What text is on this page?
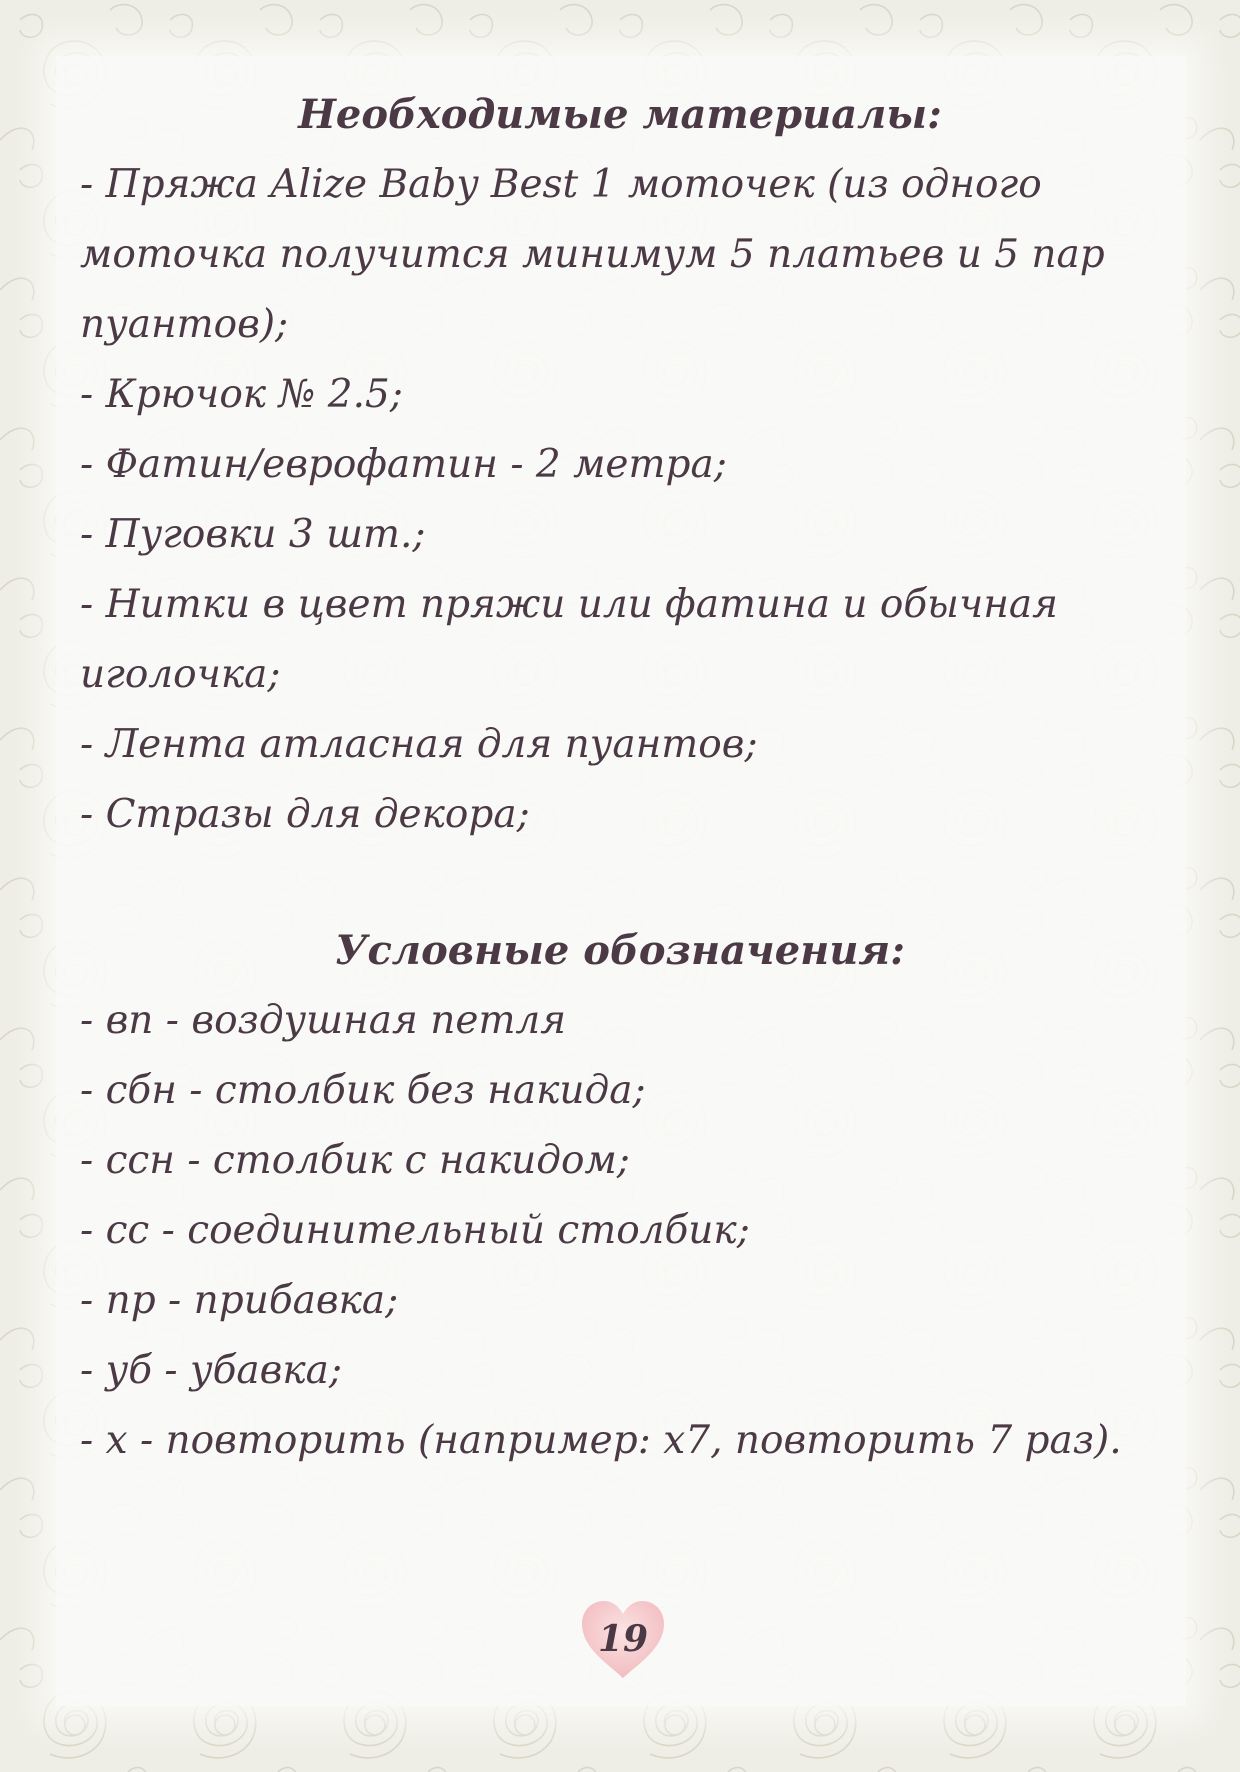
Необходимые материалы:

- Пряжа Alize Baby Best 1 моточек (из одного моточка получится минимум 5 платьев и 5 пар пуантов);

- Крючок № 2.5;

- Фатин/еврофатин - 2 метра;

- Пуговки 3 шт.;

- Нитки в цвет пряжи или фатина и обычная иголочка;

- Лента атласная для пуантов;

- Стразы для декора;

Условные обозначения:

- вп - воздушная петля

- сбн - столбик без накида;

- ссн - столбик с накидом;

- сс - соединительный столбик;

- пр - прибавка;

- уб - убавка;

- х - повторить (например: х7, повторить 7 раз).

19
